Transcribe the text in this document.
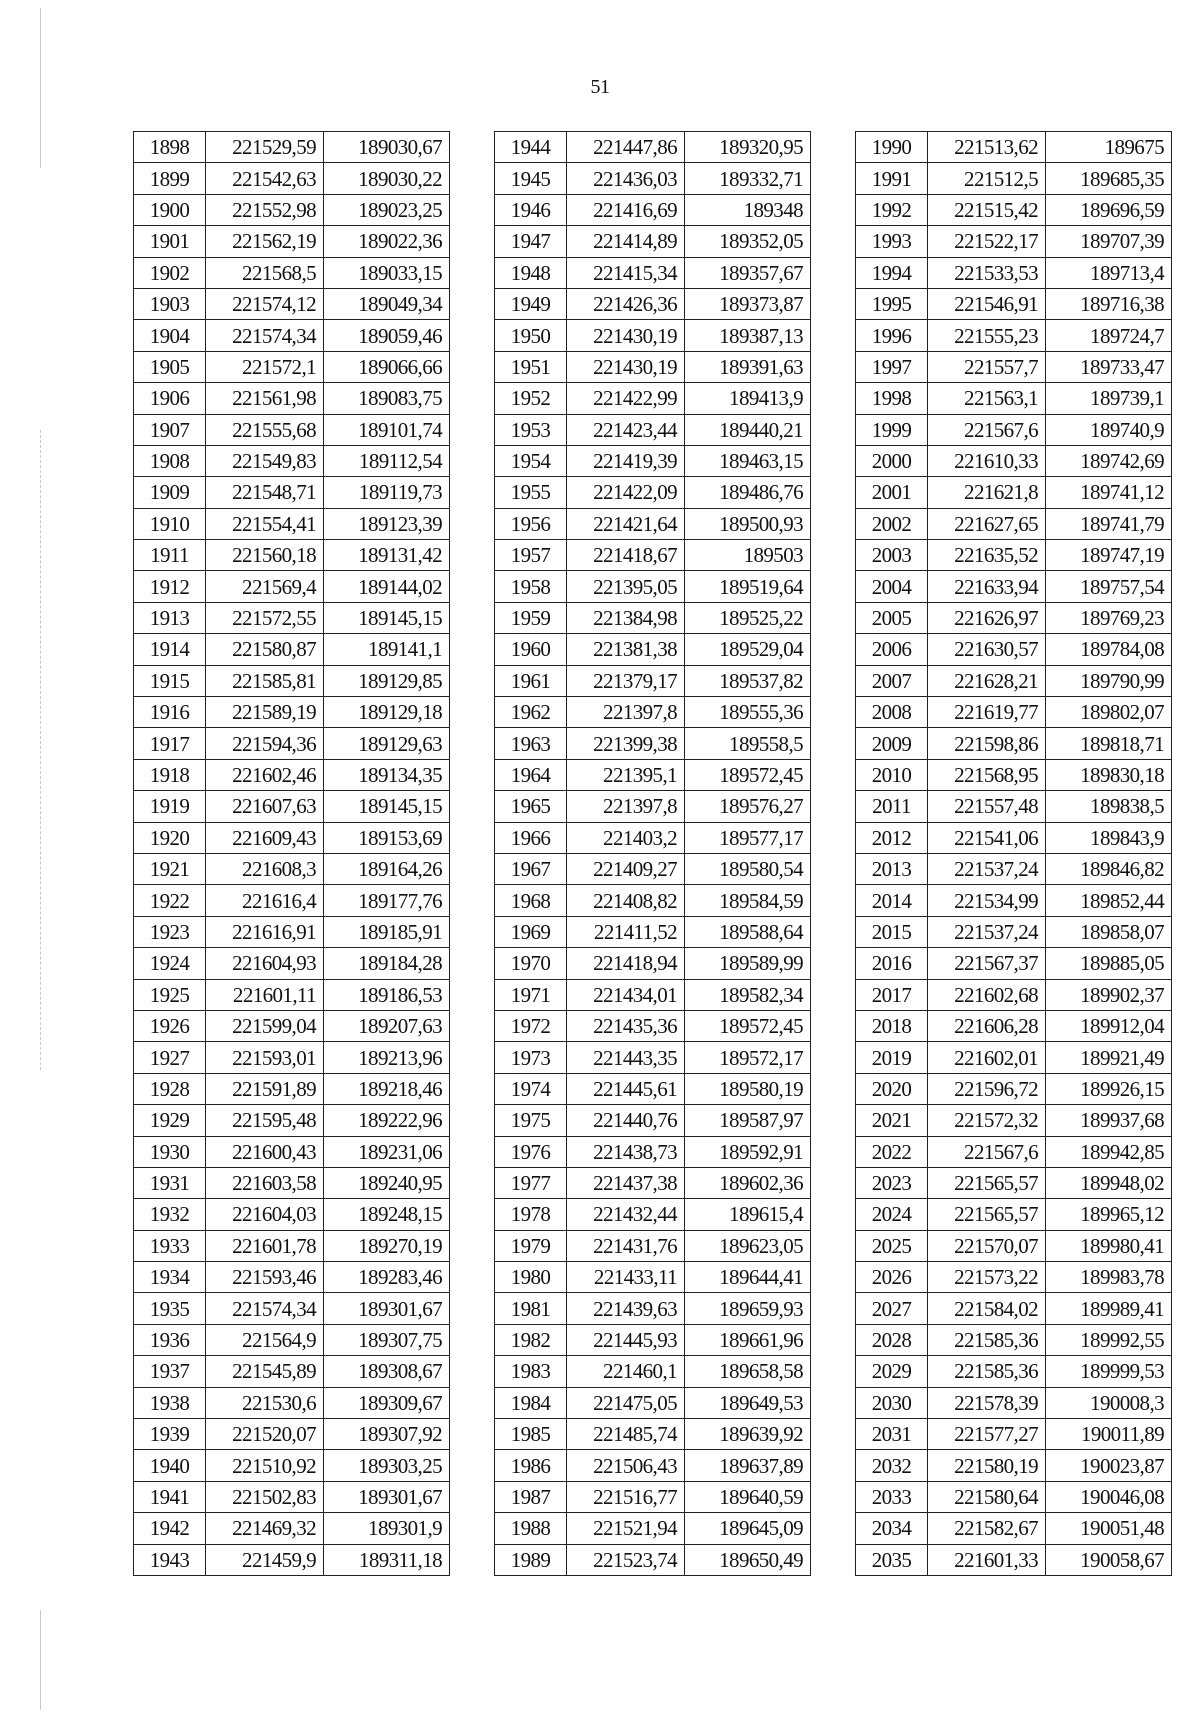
51
1898	221529,59	189030,67
1899	221542,63	189030,22
1900	221552,98	189023,25
1901	221562,19	189022,36
1902	221568,5	189033,15
1903	221574,12	189049,34
1904	221574,34	189059,46
1905	221572,1	189066,66
1906	221561,98	189083,75
1907	221555,68	189101,74
1908	221549,83	189112,54
1909	221548,71	189119,73
1910	221554,41	189123,39
1911	221560,18	189131,42
1912	221569,4	189144,02
1913	221572,55	189145,15
1914	221580,87	189141,1
1915	221585,81	189129,85
1916	221589,19	189129,18
1917	221594,36	189129,63
1918	221602,46	189134,35
1919	221607,63	189145,15
1920	221609,43	189153,69
1921	221608,3	189164,26
1922	221616,4	189177,76
1923	221616,91	189185,91
1924	221604,93	189184,28
1925	221601,11	189186,53
1926	221599,04	189207,63
1927	221593,01	189213,96
1928	221591,89	189218,46
1929	221595,48	189222,96
1930	221600,43	189231,06
1931	221603,58	189240,95
1932	221604,03	189248,15
1933	221601,78	189270,19
1934	221593,46	189283,46
1935	221574,34	189301,67
1936	221564,9	189307,75
1937	221545,89	189308,67
1938	221530,6	189309,67
1939	221520,07	189307,92
1940	221510,92	189303,25
1941	221502,83	189301,67
1942	221469,32	189301,9
1943	221459,9	189311,18
1944	221447,86	189320,95
1945	221436,03	189332,71
1946	221416,69	189348
1947	221414,89	189352,05
1948	221415,34	189357,67
1949	221426,36	189373,87
1950	221430,19	189387,13
1951	221430,19	189391,63
1952	221422,99	189413,9
1953	221423,44	189440,21
1954	221419,39	189463,15
1955	221422,09	189486,76
1956	221421,64	189500,93
1957	221418,67	189503
1958	221395,05	189519,64
1959	221384,98	189525,22
1960	221381,38	189529,04
1961	221379,17	189537,82
1962	221397,8	189555,36
1963	221399,38	189558,5
1964	221395,1	189572,45
1965	221397,8	189576,27
1966	221403,2	189577,17
1967	221409,27	189580,54
1968	221408,82	189584,59
1969	221411,52	189588,64
1970	221418,94	189589,99
1971	221434,01	189582,34
1972	221435,36	189572,45
1973	221443,35	189572,17
1974	221445,61	189580,19
1975	221440,76	189587,97
1976	221438,73	189592,91
1977	221437,38	189602,36
1978	221432,44	189615,4
1979	221431,76	189623,05
1980	221433,11	189644,41
1981	221439,63	189659,93
1982	221445,93	189661,96
1983	221460,1	189658,58
1984	221475,05	189649,53
1985	221485,74	189639,92
1986	221506,43	189637,89
1987	221516,77	189640,59
1988	221521,94	189645,09
1989	221523,74	189650,49
1990	221513,62	189675
1991	221512,5	189685,35
1992	221515,42	189696,59
1993	221522,17	189707,39
1994	221533,53	189713,4
1995	221546,91	189716,38
1996	221555,23	189724,7
1997	221557,7	189733,47
1998	221563,1	189739,1
1999	221567,6	189740,9
2000	221610,33	189742,69
2001	221621,8	189741,12
2002	221627,65	189741,79
2003	221635,52	189747,19
2004	221633,94	189757,54
2005	221626,97	189769,23
2006	221630,57	189784,08
2007	221628,21	189790,99
2008	221619,77	189802,07
2009	221598,86	189818,71
2010	221568,95	189830,18
2011	221557,48	189838,5
2012	221541,06	189843,9
2013	221537,24	189846,82
2014	221534,99	189852,44
2015	221537,24	189858,07
2016	221567,37	189885,05
2017	221602,68	189902,37
2018	221606,28	189912,04
2019	221602,01	189921,49
2020	221596,72	189926,15
2021	221572,32	189937,68
2022	221567,6	189942,85
2023	221565,57	189948,02
2024	221565,57	189965,12
2025	221570,07	189980,41
2026	221573,22	189983,78
2027	221584,02	189989,41
2028	221585,36	189992,55
2029	221585,36	189999,53
2030	221578,39	190008,3
2031	221577,27	190011,89
2032	221580,19	190023,87
2033	221580,64	190046,08
2034	221582,67	190051,48
2035	221601,33	190058,67
